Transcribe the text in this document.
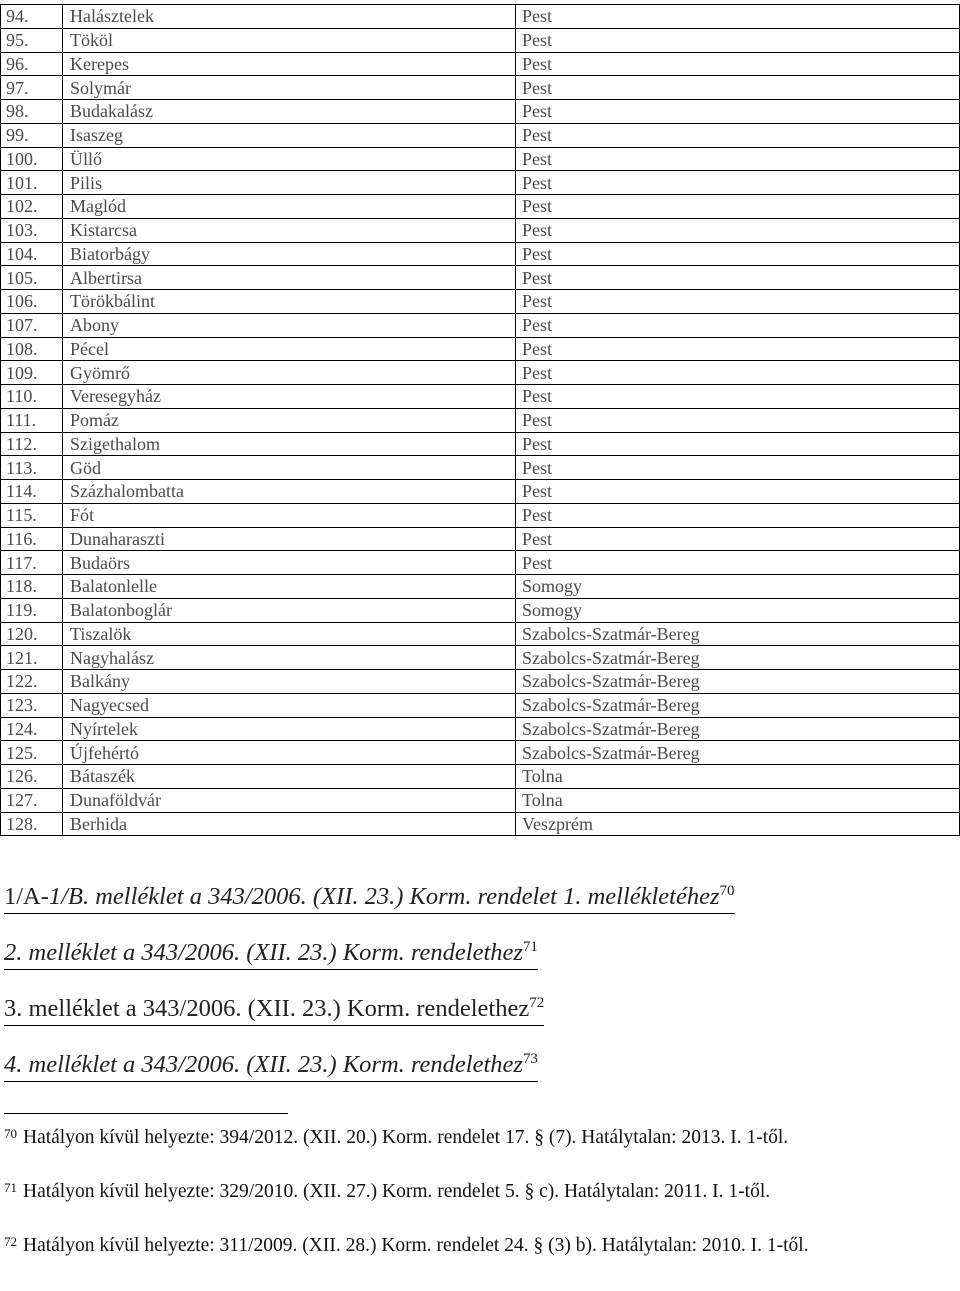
94.	Halásztelek	Pest
95.	Tököl	Pest
96.	Kerepes	Pest
97.	Solymár	Pest
98.	Budakalász	Pest
99.	Isaszeg	Pest
100.	Üllő	Pest
101.	Pilis	Pest
102.	Maglód	Pest
103.	Kistarcsa	Pest
104.	Biatorbágy	Pest
105.	Albertirsa	Pest
106.	Törökbálint	Pest
107.	Abony	Pest
108.	Pécel	Pest
109.	Gyömrő	Pest
110.	Veresegyház	Pest
111.	Pomáz	Pest
112.	Szigethalom	Pest
113.	Göd	Pest
114.	Százhalombatta	Pest
115.	Fót	Pest
116.	Dunaharaszti	Pest
117.	Budaörs	Pest
118.	Balatonlelle	Somogy
119.	Balatonboglár	Somogy
120.	Tiszalök	Szabolcs-Szatmár-Bereg
121.	Nagyhalász	Szabolcs-Szatmár-Bereg
122.	Balkány	Szabolcs-Szatmár-Bereg
123.	Nagyecsed	Szabolcs-Szatmár-Bereg
124.	Nyírtelek	Szabolcs-Szatmár-Bereg
125.	Újfehértó	Szabolcs-Szatmár-Bereg
126.	Bátaszék	Tolna
127.	Dunaföldvár	Tolna
128.	Berhida	Veszprém
1/A-1/B. melléklet a 343/2006. (XII. 23.) Korm. rendelet 1. mellékletéhez$^{70}$
2. melléklet a 343/2006. (XII. 23.) Korm. rendelethez$^{71}$
3. melléklet a 343/2006. (XII. 23.) Korm. rendelethez$^{72}$
4. melléklet a 343/2006. (XII. 23.) Korm. rendelethez$^{73}$
$^{70}$ Hatályon kívül helyezte: 394/2012. (XII. 20.) Korm. rendelet 17. § (7). Hatálytalan: 2013. I. 1-től.
$^{71}$ Hatályon kívül helyezte: 329/2010. (XII. 27.) Korm. rendelet 5. § c). Hatálytalan: 2011. I. 1-től.
$^{72}$ Hatályon kívül helyezte: 311/2009. (XII. 28.) Korm. rendelet 24. § (3) b). Hatálytalan: 2010. I. 1-től.
